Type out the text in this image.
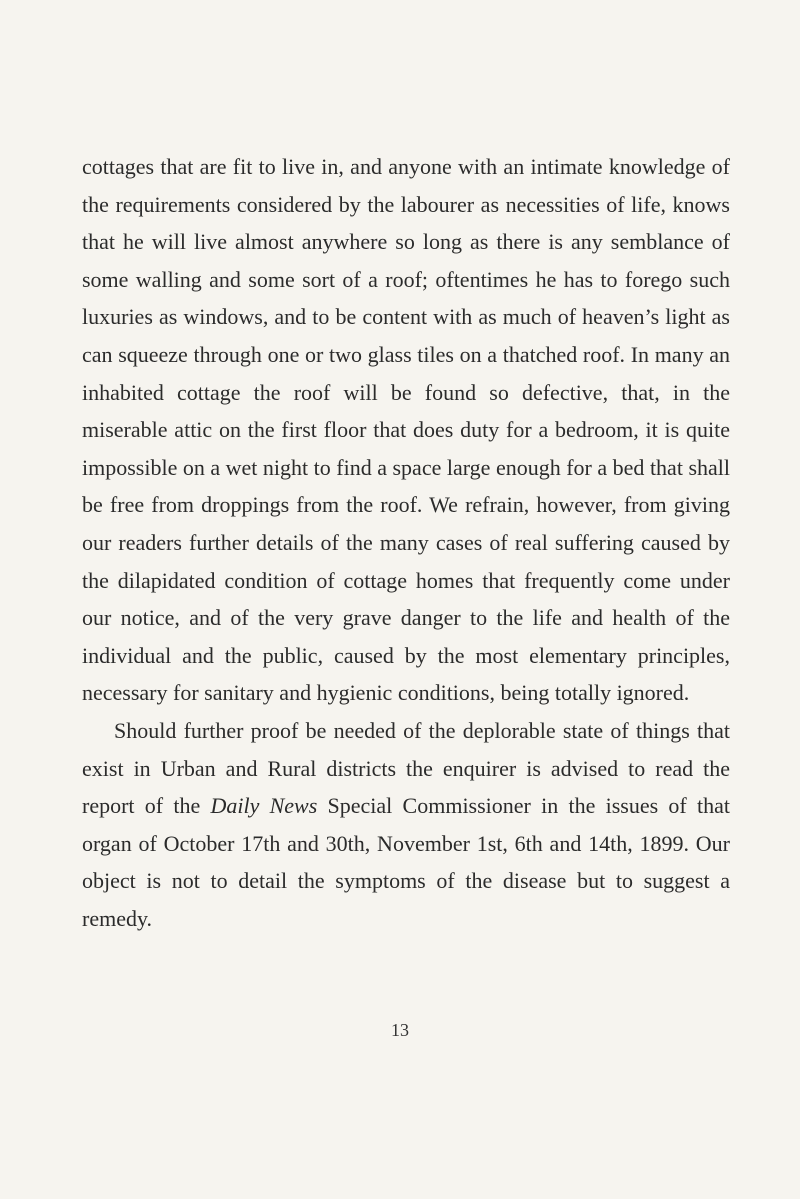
cottages that are fit to live in, and anyone with an intimate knowledge of the requirements considered by the labourer as necessities of life, knows that he will live almost anywhere so long as there is any semblance of some walling and some sort of a roof; oftentimes he has to forego such luxuries as windows, and to be content with as much of heaven’s light as can squeeze through one or two glass tiles on a thatched roof. In many an inhabited cottage the roof will be found so defective, that, in the miserable attic on the first floor that does duty for a bedroom, it is quite impossible on a wet night to find a space large enough for a bed that shall be free from droppings from the roof. We refrain, however, from giving our readers further details of the many cases of real suffering caused by the dilapidated condition of cottage homes that frequently come under our notice, and of the very grave danger to the life and health of the individual and the public, caused by the most elementary principles, necessary for sanitary and hygienic conditions, being totally ignored.

Should further proof be needed of the deplorable state of things that exist in Urban and Rural districts the enquirer is advised to read the report of the Daily News Special Commissioner in the issues of that organ of October 17th and 30th, November 1st, 6th and 14th, 1899. Our object is not to detail the symptoms of the disease but to suggest a remedy.

13
